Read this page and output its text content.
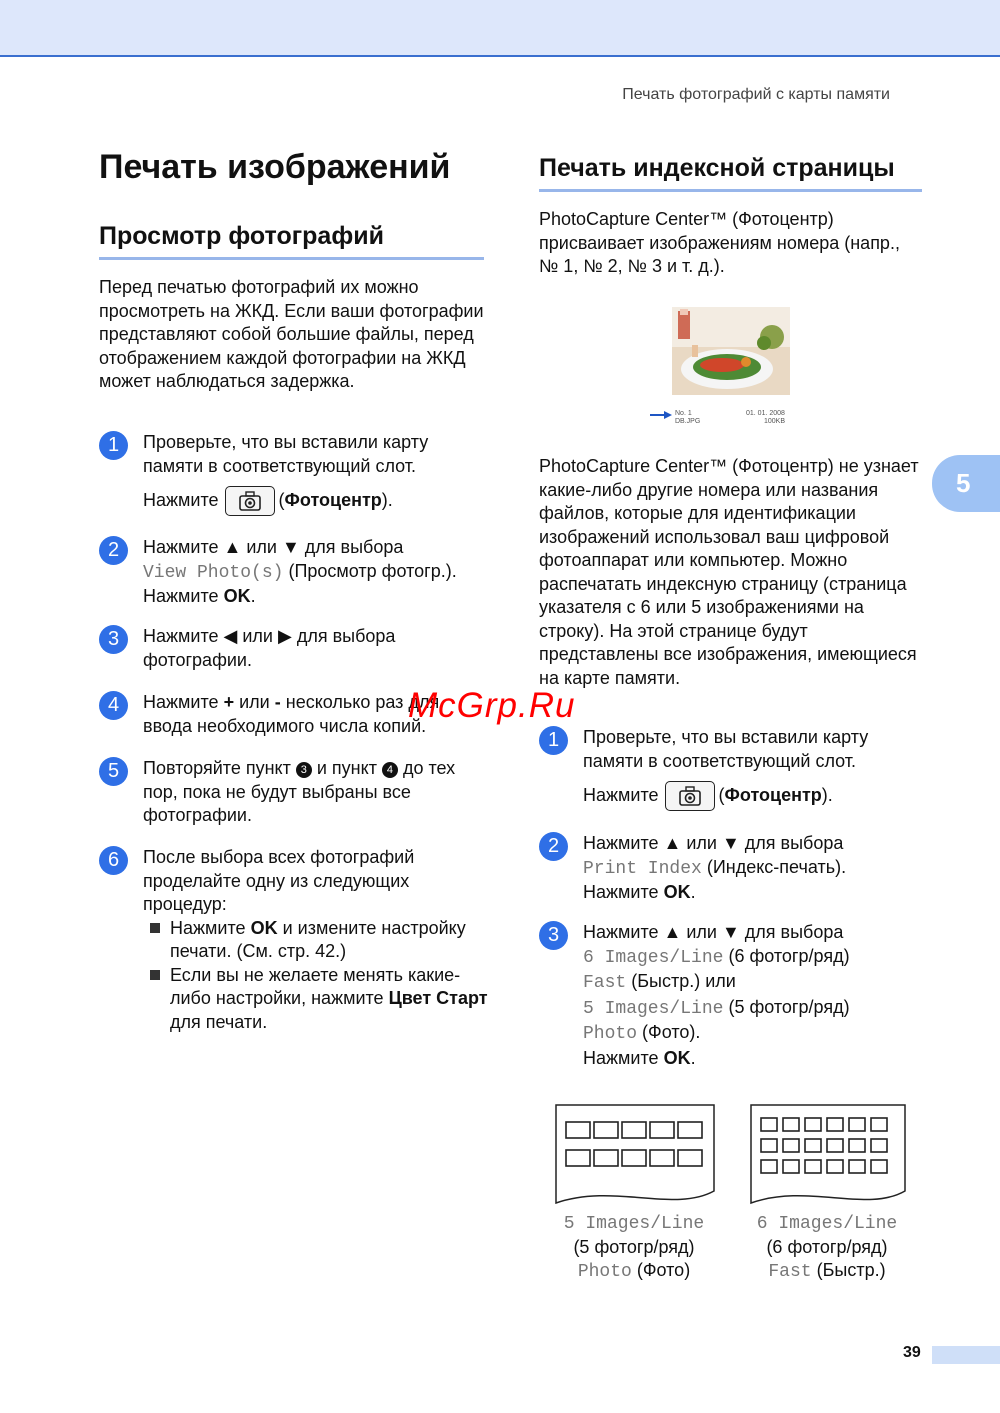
Печать фотографий с карты памяти
Печать изображений
Просмотр фотографий

Перед печатью фотографий их можно просмотреть на ЖКД. Если ваши фотографии представляют собой большие файлы, перед отображением каждой фотографии на ЖКД может наблюдаться задержка.

1	Проверьте, что вы вставили карту памяти в соответствующий слот.

Нажмите	(Фотоцентр).

2	Нажмите ▲ или ▼ для выбора

View Photo(s) (Просмотр фотогр.).

Нажмите OK.

3	Нажмите ◀ или ▶ для выбора фотографии.

4	Нажмите + или - несколько раз для ввода необходимого числа копий.

5	Повторяйте пункт 3 и пункт 4 до тех пор, пока не будут выбраны все фотографии.

6	После выбора всех фотографий проделайте одну из следующих процедур:

Нажмите OK и измените настройку печати. (См. стр. 42.)

Если вы не желаете менять какие-либо настройки, нажмите Цвет Старт для печати.

Печать индексной страницы

PhotoCapture Center™ (Фотоцентр) присваивает изображениям номера (напр., № 1, № 2, № 3 и т. д.).

No. 1
DB.JPG
01. 01. 2008
100KB

PhotoCapture Center™ (Фотоцентр) не узнает какие-либо другие номера или названия файлов, которые для идентификации изображений использовал ваш цифровой фотоаппарат или компьютер. Можно распечатать индексную страницу (страница указателя с 6 или 5 изображениями на строку). На этой странице будут представлены все изображения, имеющиеся на карте памяти.

1	Проверьте, что вы вставили карту памяти в соответствующий слот.

Нажмите	(Фотоцентр).

2	Нажмите ▲ или ▼ для выбора

Print Index (Индекс-печать).

Нажмите OK.

3	Нажмите ▲ или ▼ для выбора

6 Images/Line (6 фотогр/ряд)

Fast (Быстр.) или

5 Images/Line (5 фотогр/ряд)

Photo (Фото).

Нажмите OK.

5 Images/Line
(5 фотогр/ряд)
Photo (Фото)
6 Images/Line
(6 фотогр/ряд)
Fast (Быстр.)
5
McGrp.Ru
39
